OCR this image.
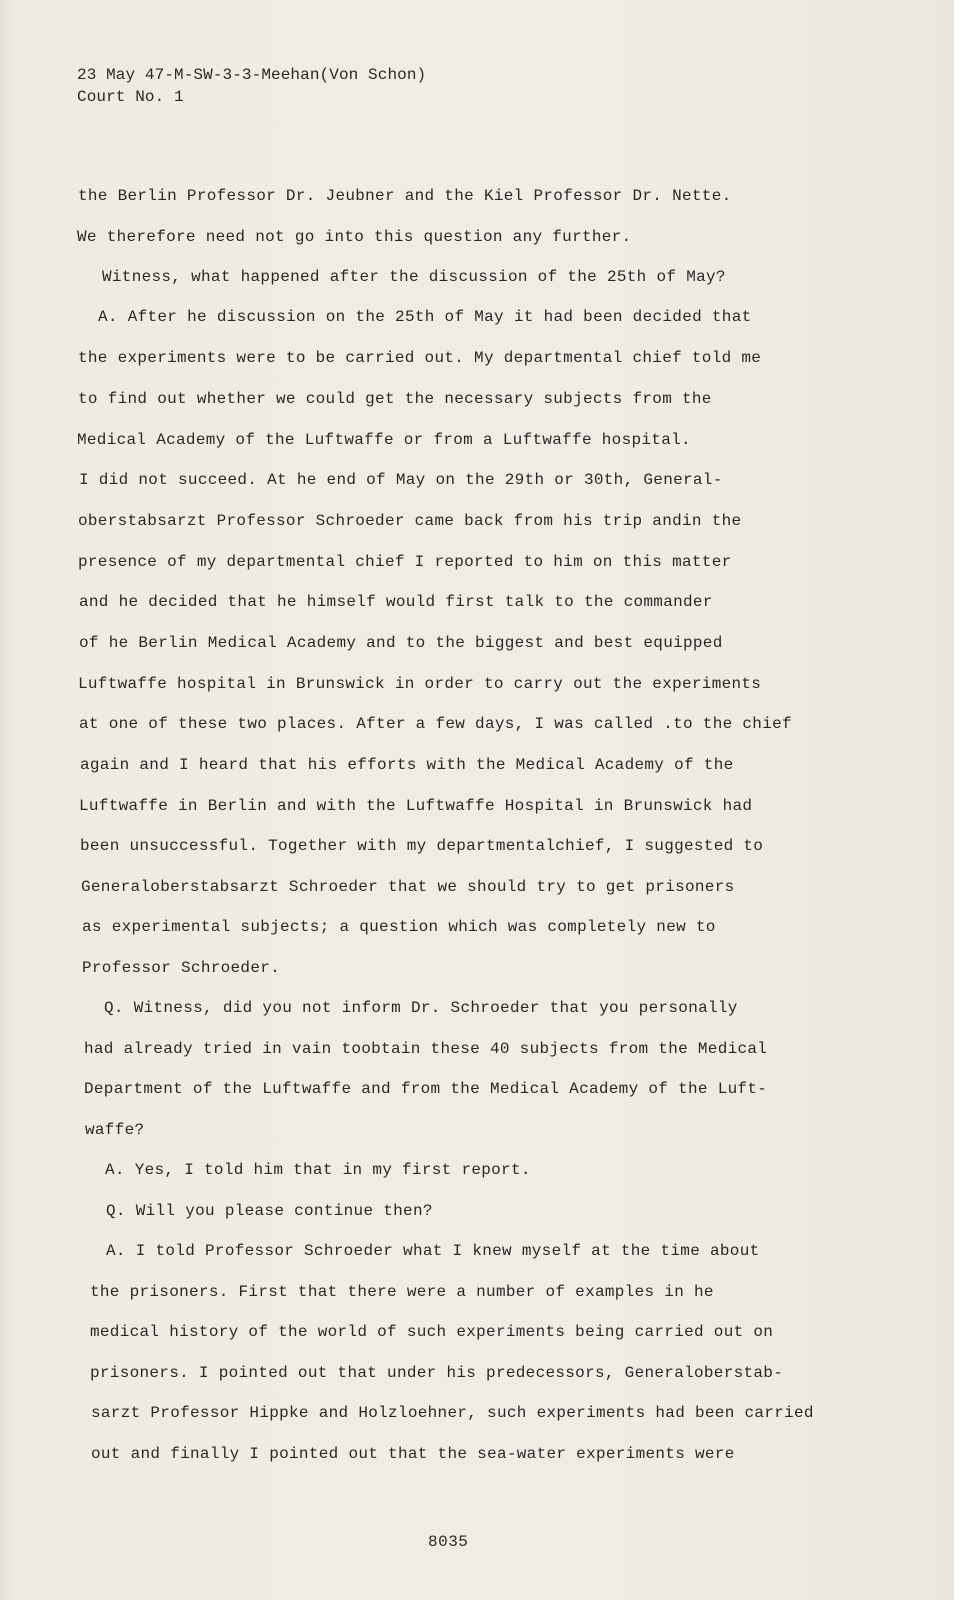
23 May 47-M-SW-3-3-Meehan(Von Schon)
Court No. 1
the Berlin Professor Dr. Jeubner and the Kiel Professor Dr. Nette.
We therefore need not go into this question any further.
Witness, what happened after the discussion of the 25th of May?
A. After he discussion on the 25th of May it had been decided that
the experiments were to be carried out. My departmental chief told me
to find out whether we could get the necessary subjects from the
Medical Academy of the Luftwaffe or from a Luftwaffe hospital.
I did not succeed. At he end of May on the 29th or 30th, General-
oberstabsarzt Professor Schroeder came back from his trip andin the
presence of my departmental chief I reported to him on this matter
and he decided that he himself would first talk to the commander
of he Berlin Medical Academy and to the biggest and best equipped
Luftwaffe hospital in Brunswick in order to carry out the experiments
at one of these two places. After a few days, I was called .to the chief
again and I heard that his efforts with the Medical Academy of the
Luftwaffe in Berlin and with the Luftwaffe Hospital in Brunswick had
been unsuccessful. Together with my departmentalchief, I suggested to
Generaloberstabsarzt Schroeder that we should try to get prisoners
as experimental subjects; a question which was completely new to
Professor Schroeder.
Q. Witness, did you not inform Dr. Schroeder that you personally
had already tried in vain toobtain these 40 subjects from the Medical
Department of the Luftwaffe and from the Medical Academy of the Luft-
waffe?
A. Yes, I told him that in my first report.
Q. Will you please continue then?
A. I told Professor Schroeder what I knew myself at the time about
the prisoners. First that there were a number of examples in he
medical history of the world of such experiments being carried out on
prisoners. I pointed out that under his predecessors, Generaloberstab-
sarzt Professor Hippke and Holzloehner, such experiments had been carried
out and finally I pointed out that the sea-water experiments were
8035
